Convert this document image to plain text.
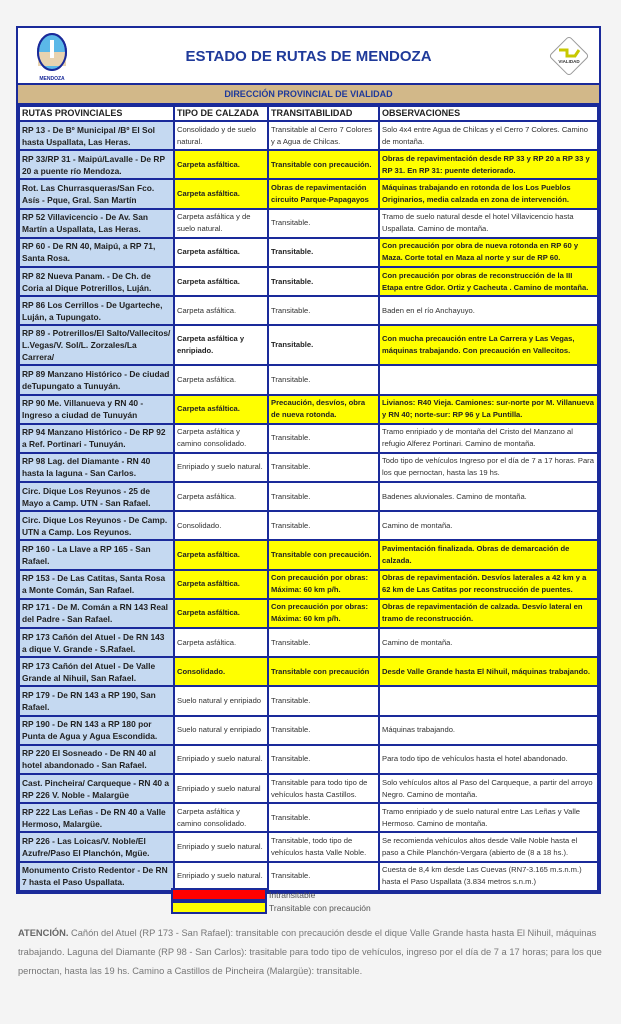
MENDOZA
ESTADO DE RUTAS DE MENDOZA	VIALIDAD
DIRECCIÓN PROVINCIAL DE VIALIDAD
RUTAS PROVINCIALES	TIPO DE CALZADA	TRANSITABILIDAD	OBSERVACIONES
RP 13 - De Bº Municipal /Bº El Sol hasta Uspallata, Las Heras.	Consolidado y de suelo natural.	Transitable al Cerro 7 Colores y a Agua de Chilcas.	Solo 4x4 entre Agua de Chilcas y el Cerro 7 Colores. Camino de montaña.
RP 33/RP 31 - Maipú/Lavalle - De RP 20 a puente río Mendoza.	Carpeta asfáltica.	Transitable con precaución.	Obras de repavimentación desde RP 33 y RP 20 a RP 33 y RP 31. En RP 31: puente deteriorado.
Rot. Las Churrasqueras/San Fco. Asís - Pque, Gral. San Martín	Carpeta asfáltica.	Obras de repavimentación circuito Parque-Papagayos	Máquinas trabajando en rotonda de los Los Pueblos Originarios, media calzada en zona de intervención.
RP 52 Villavicencio - De Av. San Martín a Uspallata, Las Heras.	Carpeta asfáltica y de suelo natural.	Transitable.	Tramo de suelo natural desde el hotel Villavicencio hasta Uspallata. Camino de montaña.
RP 60 - De RN 40, Maipú, a RP 71, Santa Rosa.	Carpeta asfáltica.	Transitable.	Con precaución por obra de nueva rotonda en RP 60 y Maza. Corte total en Maza al norte y sur de RP 60.
RP 82 Nueva Panam. - De Ch. de Coria al Dique Potrerillos, Luján.	Carpeta asfáltica.	Transitable.	Con precaución por obras de reconstrucción de la III Etapa entre Gdor. Ortiz y Cacheuta . Camino de montaña.
RP 86 Los Cerrillos - De Ugarteche, Luján, a Tupungato.	Carpeta asfáltica.	Transitable.	Baden en el río Anchayuyo.
RP 89 - Potrerillos/El Salto/Vallecitos/ L.Vegas/V. Sol/L. Zorzales/La Carrera/	Carpeta asfáltica y enripiado.	Transitable.	Con mucha precaución entre La Carrera y Las Vegas, máquinas trabajando. Con precaución en Vallecitos.
RP 89 Manzano Histórico - De ciudad deTupungato a Tunuyán.	Carpeta asfáltica.	Transitable.	
RP 90 Me. Villanueva y RN 40 - Ingreso a ciudad de Tunuyán	Carpeta asfáltica.	Precaución, desvíos, obra de nueva rotonda.	Livianos: R40 Vieja. Camiones: sur-norte por M. Villanueva y RN 40; norte-sur: RP 96 y La Puntilla.
RP 94 Manzano Histórico - De RP 92 a Ref. Portinari - Tunuyán.	Carpeta asfáltica y camino consolidado.	Transitable.	Tramo enripiado y de montaña del Cristo del Manzano al refugio Alferez Portinari. Camino de montaña.
RP 98 Lag. del Diamante - RN 40 hasta la laguna - San Carlos.	Enripiado y suelo natural.	Transitable.	Todo tipo de vehículos Ingreso por el día de 7 a 17 horas. Para los que pernoctan, hasta las 19 hs.
Circ. Dique Los Reyunos - 25 de Mayo a Camp. UTN - San Rafael.	Carpeta asfáltica.	Transitable.	Badenes aluvionales. Camino de montaña.
Circ. Dique Los Reyunos - De Camp. UTN a Camp. Los Reyunos.	Consolidado.	Transitable.	Camino de montaña.
RP 160 - La Llave a RP 165 - San Rafael.	Carpeta asfáltica.	Transitable con precaución.	Pavimentación finalizada. Obras de demarcación de calzada.
RP 153 - De Las Catitas, Santa Rosa a Monte Comán, San Rafael.	Carpeta asfáltica.	Con precaución por obras: Máxima: 60 km p/h.	Obras de repavimentación. Desvíos laterales a 42 km y a 62 km de Las Catitas por reconstrucción de puentes.
RP 171 - De M. Comán a RN 143 Real del Padre - San Rafael.	Carpeta asfáltica.	Con precaución por obras: Máxima: 60 km p/h.	Obras de repavimentación de calzada. Desvío lateral en tramo de reconstrucción.
RP 173 Cañón del Atuel - De RN 143 a dique V. Grande - S.Rafael.	Carpeta asfáltica.	Transitable.	Camino de montaña.
RP 173 Cañón del Atuel - De Valle Grande al Nihuil, San Rafael.	Consolidado.	Transitable con precaución	Desde Valle Grande hasta El Nihuil, máquinas trabajando.
RP 179 - De RN 143 a RP 190, San Rafael.	Suelo natural y enripiado	Transitable.	
RP 190 - De RN 143 a RP 180 por Punta de Agua y Agua Escondida.	Suelo natural y enripiado	Transitable.	Máquinas trabajando.
RP 220 El Sosneado - De RN 40 al hotel abandonado - San Rafael.	Enripiado y suelo natural.	Transitable.	Para todo tipo de vehículos hasta el hotel abandonado.
Cast. Pincheira/ Carqueque - RN 40 a RP 226 V. Noble - Malargüe	Enripiado y suelo natural	Transitable para todo tipo de vehículos hasta Castillos.	Solo vehículos altos al Paso del Carqueque, a partir del arroyo Negro. Camino de montaña.
RP 222 Las Leñas - De RN 40 a Valle Hermoso, Malargüe.	Carpeta asfáltica y camino consolidado.	Transitable.	Tramo enripiado y de suelo natural entre Las Leñas y Valle Hermoso. Camino de montaña.
RP 226 - Las Loicas/V. Noble/El Azufre/Paso El Planchón, Mgüe.	Enripiado y suelo natural.	Transitable, todo tipo de vehículos hasta Valle Noble.	Se recomienda vehículos altos desde Valle Noble hasta el paso a Chile Planchón-Vergara (abierto de (8 a 18 hs.).
Monumento Cristo Redentor - De RN 7 hasta el Paso Uspallata.	Enripiado y suelo natural.	Transitable.	Cuesta de 8,4 km desde Las Cuevas (RN7-3.165 m.s.n.m.) hasta el Paso Uspallata (3.834 metros s.n.m.)
Intransitable
Transitable con precaución
ATENCIÓN. Cañón del Atuel (RP 173 - San Rafael): transitable con precaución desde el dique Valle Grande hasta hasta El Nihuil, máquinas trabajando. Laguna del Diamante (RP 98 - San Carlos): trasitable para todo tipo de vehículos, ingreso por el día de 7 a 17 horas; para los que pernoctan, hasta las 19 hs. Camino a Castillos de Pincheira (Malargüe): transitable.
